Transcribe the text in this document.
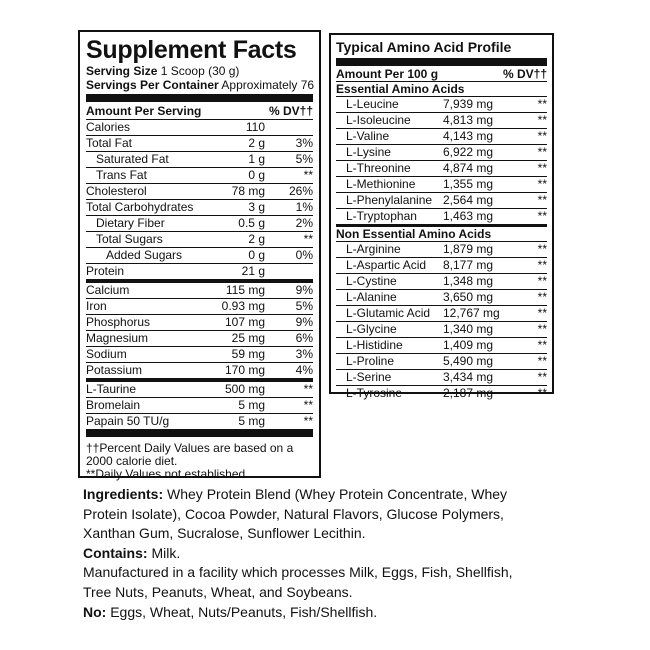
Supplement Facts
Serving Size 1 Scoop (30 g)
Servings Per Container Approximately 76
Amount Per Serving	% DV††
Calories	110
Total Fat	2 g	3%
Saturated Fat	1 g	5%
Trans Fat	0 g	**
Cholesterol	78 mg	26%
Total Carbohydrates	3 g	1%
Dietary Fiber	0.5 g	2%
Total Sugars	2 g	**
Added Sugars	0 g	0%
Protein	21 g
Calcium	115 mg	9%
Iron	0.93 mg	5%
Phosphorus	107 mg	9%
Magnesium	25 mg	6%
Sodium	59 mg	3%
Potassium	170 mg	4%
L-Taurine	500 mg	**
Bromelain	5 mg	**
Papain 50 TU/g	5 mg	**
††Percent Daily Values are based on a 2000 calorie diet.
**Daily Values not established.
Typical Amino Acid Profile
Amount Per 100 g	% DV††
Essential Amino Acids
L-Leucine	7,939 mg	**
L-Isoleucine	4,813 mg	**
L-Valine	4,143 mg	**
L-Lysine	6,922 mg	**
L-Threonine	4,874 mg	**
L-Methionine	1,355 mg	**
L-Phenylalanine 2,564 mg	**
L-Tryptophan	1,463 mg	**
Non Essential Amino Acids
L-Arginine	1,879 mg	**
L-Aspartic Acid	8,177 mg	**
L-Cystine	1,348 mg	**
L-Alanine	3,650 mg	**
L-Glutamic Acid	12,767 mg	**
L-Glycine	1,340 mg	**
L-Histidine	1,409 mg	**
L-Proline	5,490 mg	**
L-Serine	3,434 mg	**
L-Tyrosine	2,187 mg	**

Ingredients: Whey Protein Blend (Whey Protein Concentrate, Whey Protein Isolate), Cocoa Powder, Natural Flavors, Glucose Polymers, Xanthan Gum, Sucralose, Sunflower Lecithin.

Contains: Milk.

Manufactured in a facility which processes Milk, Eggs, Fish, Shellfish, Tree Nuts, Peanuts, Wheat, and Soybeans.

No: Eggs, Wheat, Nuts/Peanuts, Fish/Shellfish.
